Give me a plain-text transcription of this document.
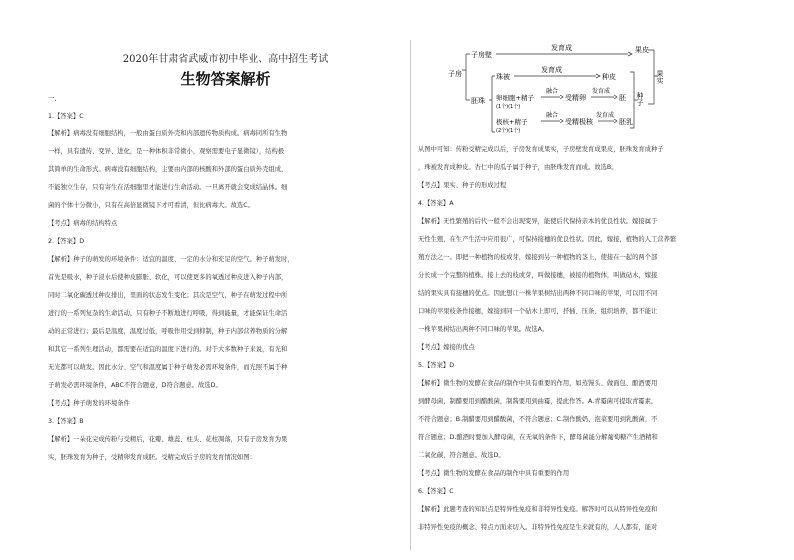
2020年甘肃省武威市初中毕业、高中招生考试
生物答案解析
一、
1.【答案】C
【解析】病毒没有细胞结构，一般由蛋白质外壳和内部遗传物质构成。病毒同所有生物
一样，具有遗传、变异、进化，是一种体积非常微小，观察需要电子显微镜），结构极
其简单的生命形式。病毒没有细胞结构，主要由内部的核酸和外部的蛋白质外壳组成，
不能独立生存，只有寄生在活细胞里才能进行生命活动。一旦离开就会变成结晶体。细
菌的个体十分微小，只有在高倍显微镜下才可看清，但比病毒大。故选C。
【考点】病毒的结构特点
2.【答案】D
【解析】种子的萌发的环境条件：适宜的温度、一定的水分和充足的空气。种子萌发时，
首先是吸水，种子浸水后使种皮膨胀、软化，可以使更多的氧透过种皮进入种子内部，
同时二氧化碳透过种皮排出，里面的状态发生变化；其次是空气，种子在萌发过程中所
进行的一系列复杂的生命活动，只有种子不断地进行呼吸，得到能量，才能保证生命活
动的正常进行；最后是温度，温度过低，呼吸作用受到抑制，种子内部营养物质的分解
和其它一系列生理活动，都需要在适宜的温度下进行的。对于大多数种子来说，有光和
无光都可以萌发。因此水分、空气和温度属于种子萌发必需环境条件，而光照不属于种
子萌发必需环境条件，ABC不符合题意，D符合题意。故选D。
【考点】种子萌发的环境条件
3.【答案】B
【解析】一朵花完成传粉与受精后，花瓣、雄蕊、柱头、花柱凋落，只有子房发育为果
实，胚珠发育为种子，受精卵发育成胚。受精完成后子房的发育情况如图：
子房
子房壁
发育成	果皮
胚珠
珠被
发育成
种皮
卵细胞+精子
(1个)(1个)
融合
受精卵
发育成
胚
极核+精子
(2个)(1个)
融合
受精极核
发育成
胚乳
种子
果实
从图中可知：传粉受精完成以后，子房发育成果实，子房壁发育成果皮，胚珠发育成种子
，珠被发育成种皮。杏仁中的瓜子属于种子，由胚珠发育而成。故选B。
【考点】果实、种子的形成过程
4.【答案】A
【解析】无性繁殖的后代一般不会出现变异，能使后代保持亲本的优良性状。嫁接属于
无性生殖，在生产生活中应用很广，可保持接穗的优良性状。因此，嫁接，植物的人工营养繁
殖方法之一。即把一种植物的枝或芽，嫁接到另一种植物的茎上，使接在一起的两个部
分长成一个完整的植株。接上去的枝或芽，叫做接穗，被接的植物体，叫做砧木，嫁接
结的果实具有接穗的优点。因此想让一株苹果树结出两种不同口味的苹果，可以用不同
口味的苹果枝条作接穗，嫁接到同一个砧木上即可，扦插、压条、组织培养，都不能让
一株苹果树结出两种不同口味的苹果。故选A。
【考点】嫁接的优点
5.【答案】D
【解析】微生物的发酵在食品的制作中具有重要的作用，如蒸馒头、做面包、酿酒要用
到酵母菌，制醋要用到醋酸菌，制酱要用到曲霉，提此作答。A.青霉菌可提取青霉素，
不符合题意；B.制醋要用到醋酸菌，不符合题意；C.制作酸奶、泡菜要用到乳酸菌，不
符合题意；D.酿酒时要加入酵母菌，在无氧的条件下，酵母菌能分解葡萄糖产生酒精和
二氧化碳，符合题意。故选D。
【考点】微生物的发酵在食品的制作中具有重要的作用
6.【答案】C
【解析】此题考查的知识点是特异性免疫和非特异性免疫。解答时可以从特异性免疫和
非特异性免疫的概念、特点方面来切入。非特异性免疫是生来就有的，人人都有，能对
